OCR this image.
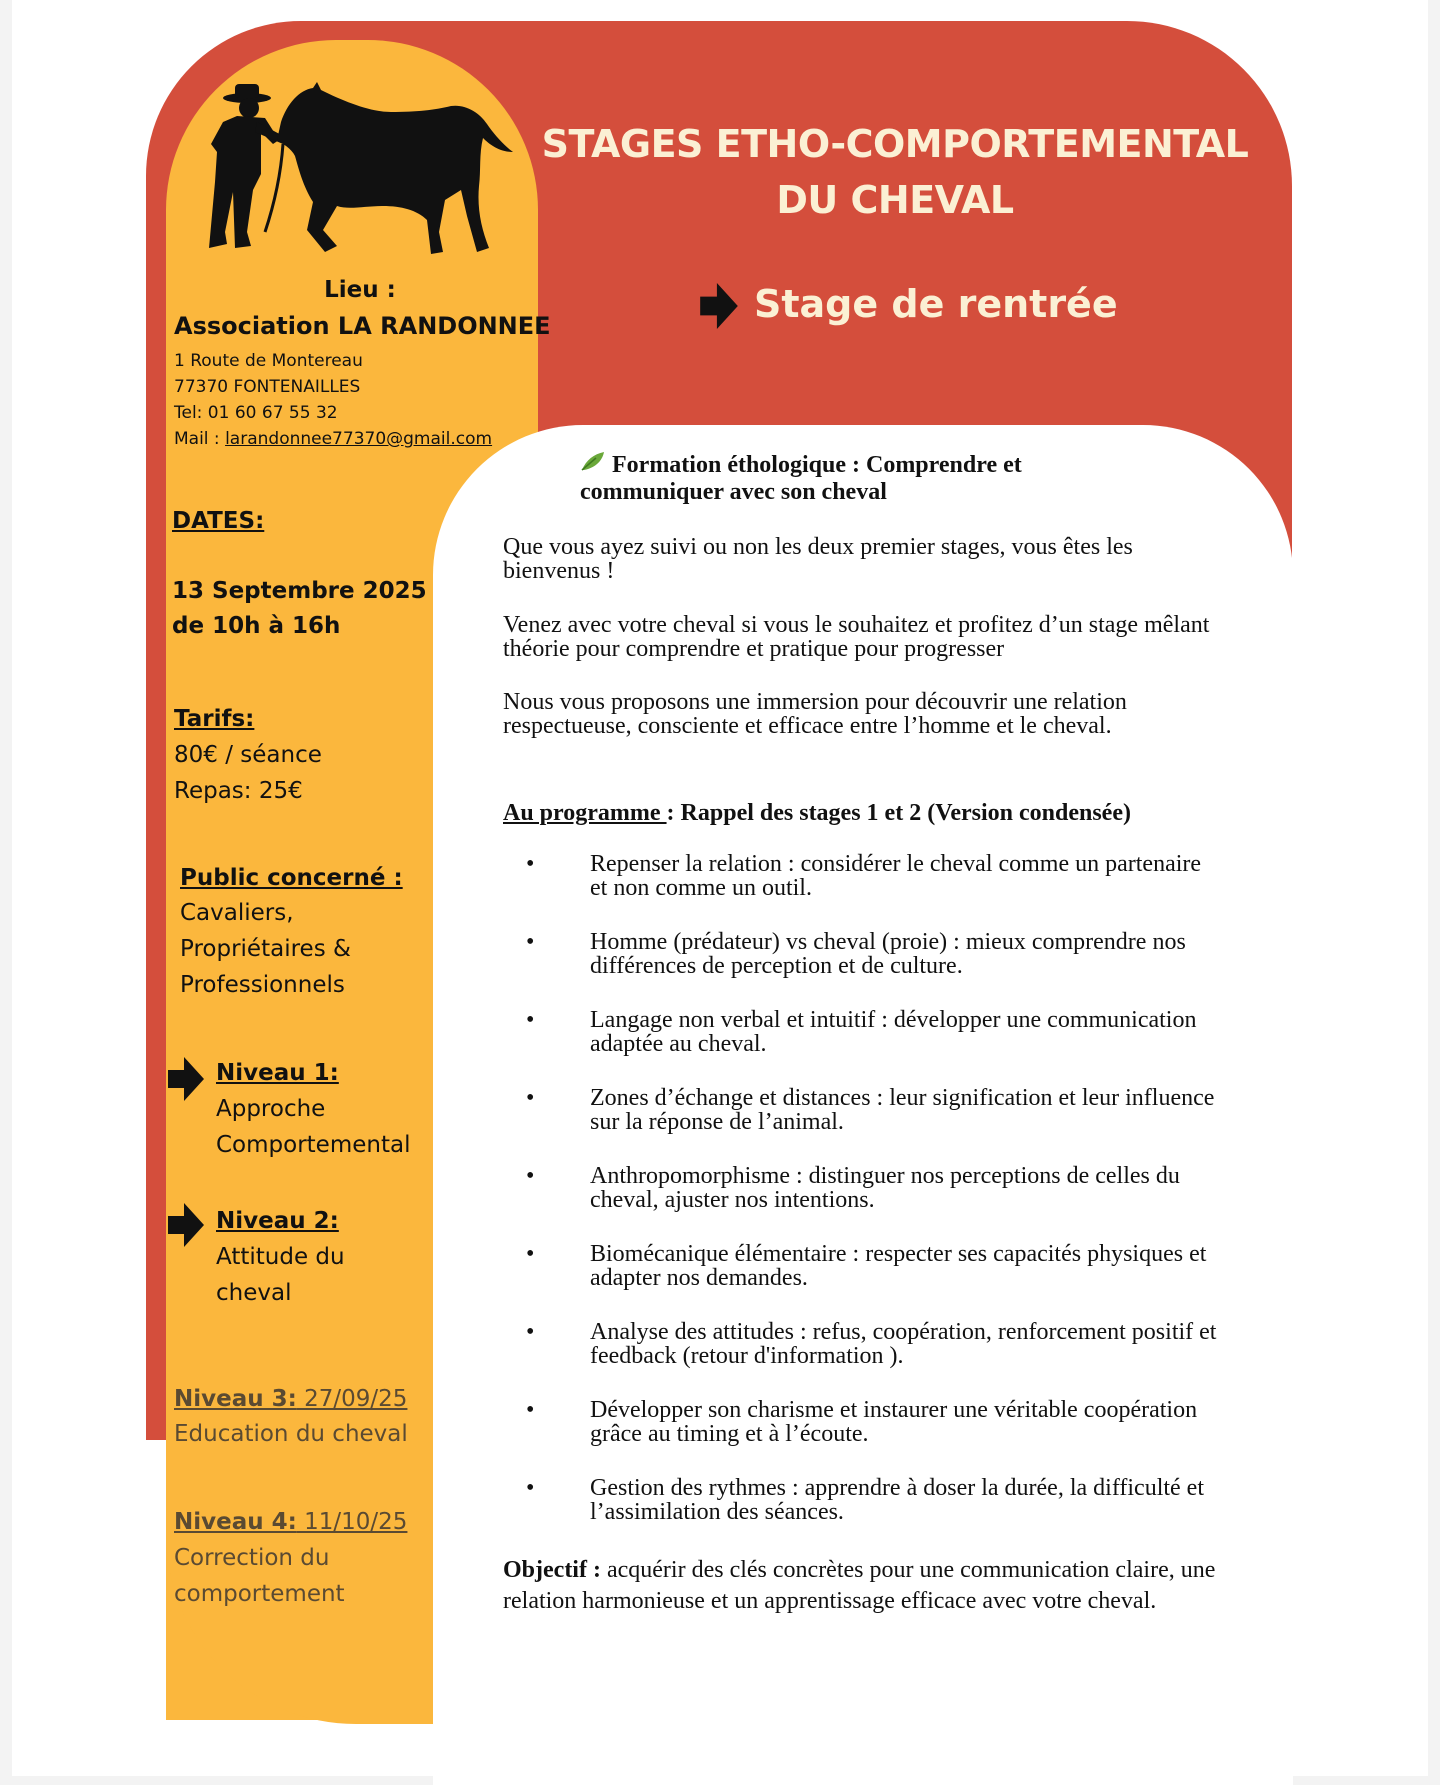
Lieu :
Association LA RANDONNEE
1 Route de Montereau
77370 FONTENAILLES
Tel: 01 60 67 55 32
Mail : larandonnee77370@gmail.com
DATES:
13 Septembre 2025
de 10h à 16h
Tarifs:
80€ / séance
Repas: 25€
Public concerné :
Cavaliers,
Propriétaires &
Professionnels
Niveau 1:
Approche
Comportemental
Niveau 2:
Attitude du
cheval
Niveau 3: 27/09/25
Education du cheval
Niveau 4: 11/10/25
Correction du
comportement
STAGES ETHO-COMPORTEMENTAL
DU CHEVAL
Stage de rentrée
Formation éthologique : Comprendre et communiquer avec son cheval
Que vous ayez suivi ou non les deux premier stages, vous êtes les bienvenus !
Venez avec votre cheval si vous le souhaitez et profitez d’un stage mêlant théorie pour comprendre et pratique pour progresser
Nous vous proposons une immersion pour découvrir une relation respectueuse, consciente et efficace entre l’homme et le cheval.
Au programme : Rappel des stages 1 et 2 (Version condensée)
• Repenser la relation : considérer le cheval comme un partenaire et non comme un outil.
• Homme (prédateur) vs cheval (proie) : mieux comprendre nos différences de perception et de culture.
• Langage non verbal et intuitif : développer une communication adaptée au cheval.
• Zones d’échange et distances : leur signification et leur influence sur la réponse de l’animal.
• Anthropomorphisme : distinguer nos perceptions de celles du cheval, ajuster nos intentions.
• Biomécanique élémentaire : respecter ses capacités physiques et adapter nos demandes.
• Analyse des attitudes : refus, coopération, renforcement positif et feedback (retour d'information ).
• Développer son charisme et instaurer une véritable coopération grâce au timing et à l’écoute.
• Gestion des rythmes : apprendre à doser la durée, la difficulté et l’assimilation des séances.
Objectif : acquérir des clés concrètes pour une communication claire, une relation harmonieuse et un apprentissage efficace avec votre cheval.
